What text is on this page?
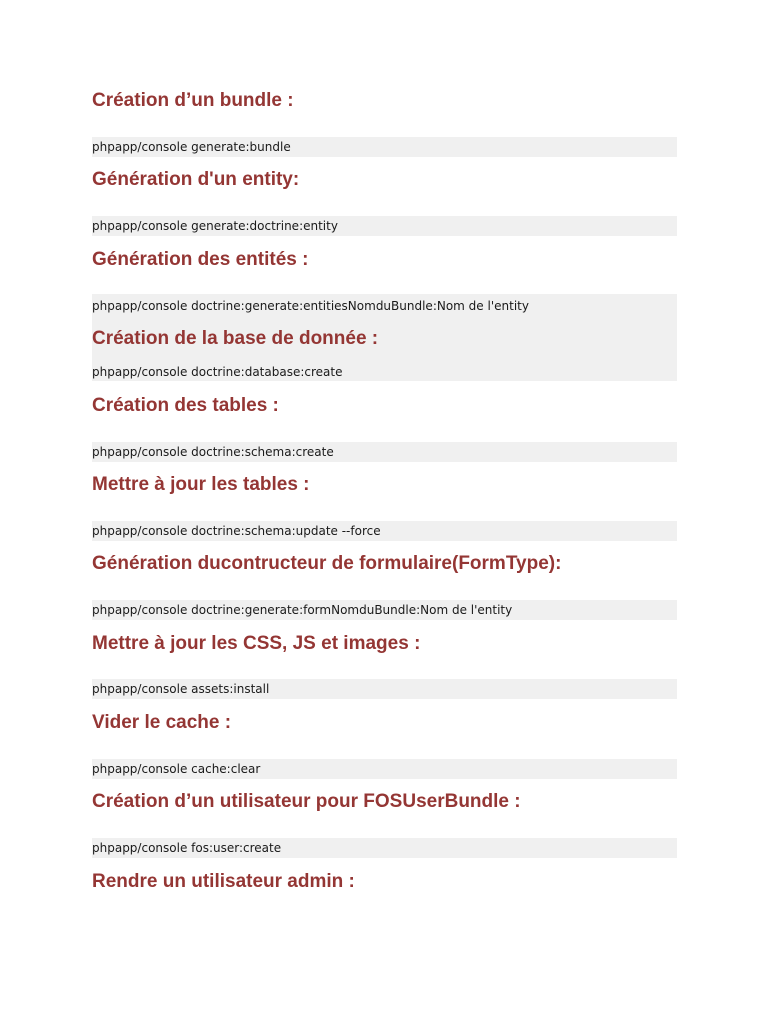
Création d’un bundle :
phpapp/console generate:bundle
Génération d'un entity:
phpapp/console generate:doctrine:entity
Génération des entités :
phpapp/console doctrine:generate:entitiesNomduBundle:Nom de l'entity
Création de la base de donnée :
phpapp/console doctrine:database:create
Création des tables :
phpapp/console doctrine:schema:create
Mettre à jour les tables :
phpapp/console doctrine:schema:update --force
Génération ducontructeur de formulaire(FormType):
phpapp/console doctrine:generate:formNomduBundle:Nom de l'entity
Mettre à jour les CSS, JS et images :
phpapp/console assets:install
Vider le cache :
phpapp/console cache:clear
Création d’un utilisateur pour FOSUserBundle :
phpapp/console fos:user:create
Rendre un utilisateur admin :
